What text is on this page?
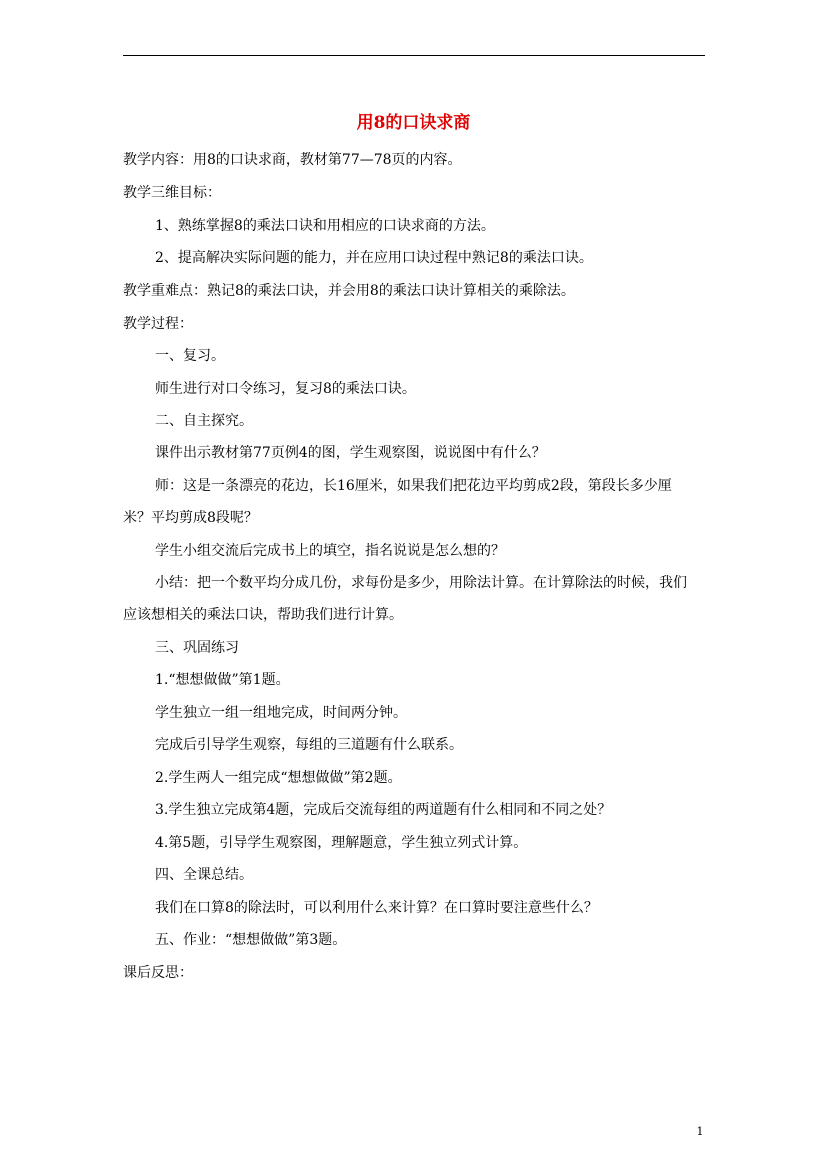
用8的口诀求商
教学内容：用8的口诀求商，教材第77—78页的内容。
教学三维目标：
1、熟练掌握8的乘法口诀和用相应的口诀求商的方法。
2、提高解决实际问题的能力，并在应用口诀过程中熟记8的乘法口诀。
教学重难点：熟记8的乘法口诀，并会用8的乘法口诀计算相关的乘除法。
教学过程：
一、复习。
师生进行对口令练习，复习8的乘法口诀。
二、自主探究。
课件出示教材第77页例4的图，学生观察图，说说图中有什么？
师：这是一条漂亮的花边，长16厘米，如果我们把花边平均剪成2段，第段长多少厘
米？平均剪成8段呢？
学生小组交流后完成书上的填空，指名说说是怎么想的？
小结：把一个数平均分成几份，求每份是多少，用除法计算。在计算除法的时候，我们
应该想相关的乘法口诀，帮助我们进行计算。
三、巩固练习
1.“想想做做”第1题。
学生独立一组一组地完成，时间两分钟。
完成后引导学生观察，每组的三道题有什么联系。
2.学生两人一组完成“想想做做”第2题。
3.学生独立完成第4题，完成后交流每组的两道题有什么相同和不同之处？
4.第5题，引导学生观察图，理解题意，学生独立列式计算。
四、全课总结。
我们在口算8的除法时，可以利用什么来计算？在口算时要注意些什么？
五、作业：“想想做做”第3题。
课后反思：
1
